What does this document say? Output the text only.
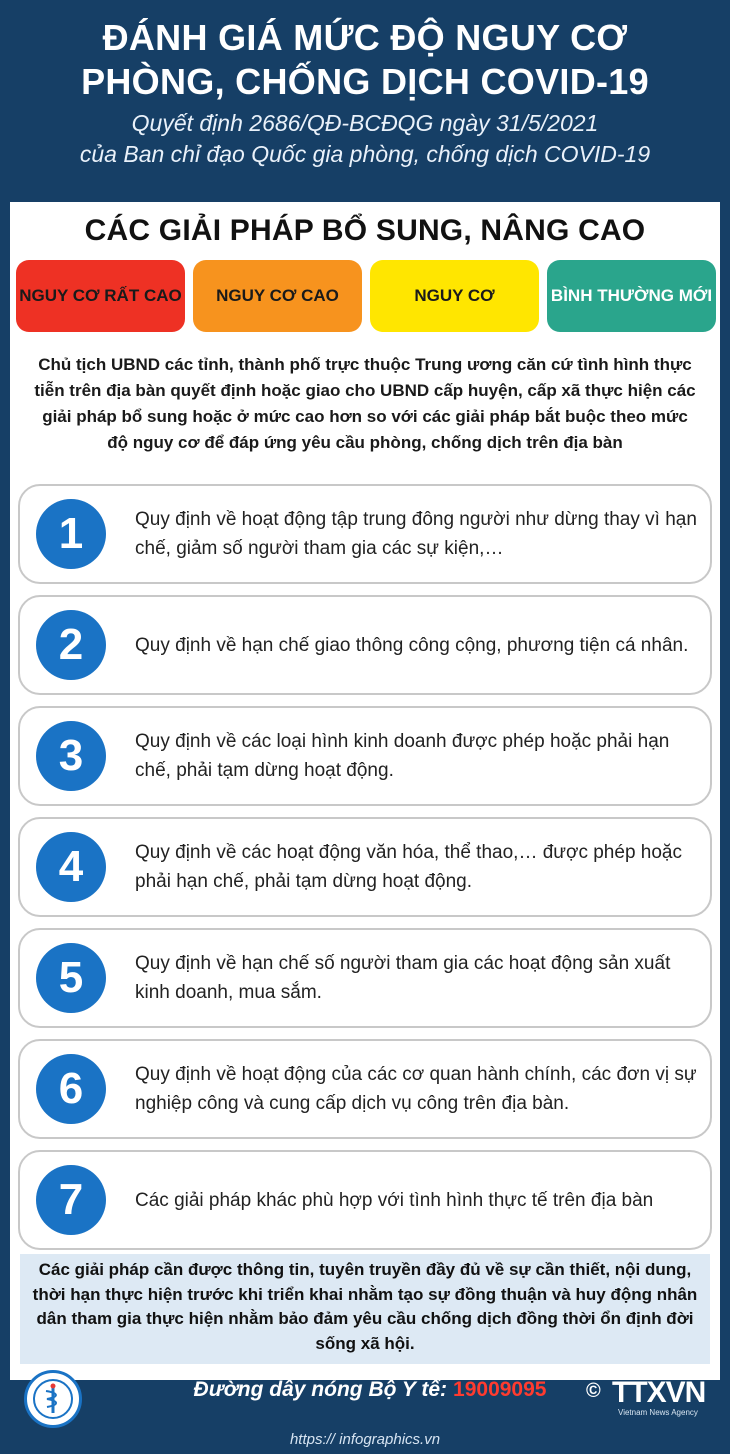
ĐÁNH GIÁ MỨC ĐỘ NGUY CƠ
PHÒNG, CHỐNG DỊCH COVID-19
Quyết định 2686/QĐ-BCĐQG ngày 31/5/2021
của Ban chỉ đạo Quốc gia phòng, chống dịch COVID-19
CÁC GIẢI PHÁP BỔ SUNG, NÂNG CAO
NGUY CƠ RẤT CAO	NGUY CƠ CAO	NGUY CƠ	BÌNH THƯỜNG MỚI
Chủ tịch UBND các tỉnh, thành phố trực thuộc Trung ương căn cứ tình hình thực tiễn trên địa bàn quyết định hoặc giao cho UBND cấp huyện, cấp xã thực hiện các giải pháp bổ sung hoặc ở mức cao hơn so với các giải pháp bắt buộc theo mức độ nguy cơ để đáp ứng yêu cầu phòng, chống dịch trên địa bàn
1	Quy định về hoạt động tập trung đông người như dừng thay vì hạn chế, giảm số người tham gia các sự kiện,…
2	Quy định về hạn chế giao thông công cộng, phương tiện cá nhân.
3	Quy định về các loại hình kinh doanh được phép hoặc phải hạn chế, phải tạm dừng hoạt động.
4	Quy định về các hoạt động văn hóa, thể thao,… được phép hoặc phải hạn chế, phải tạm dừng hoạt động.
5	Quy định về hạn chế số người tham gia các hoạt động sản xuất kinh doanh, mua sắm.
6	Quy định về hoạt động của các cơ quan hành chính, các đơn vị sự nghiệp công và cung cấp dịch vụ công trên địa bàn.
7	Các giải pháp khác phù hợp với tình hình thực tế trên địa bàn
Các giải pháp cần được thông tin, tuyên truyền đầy đủ về sự cần thiết, nội dung, thời hạn thực hiện trước khi triển khai nhằm tạo sự đồng thuận và huy động nhân dân tham gia thực hiện nhằm bảo đảm yêu cầu chống dịch đồng thời ổn định đời sống xã hội.
Đường dây nóng Bộ Y tế: 19009095	© TTXVN
Vietnam News Agency
https:// infographics.vn
